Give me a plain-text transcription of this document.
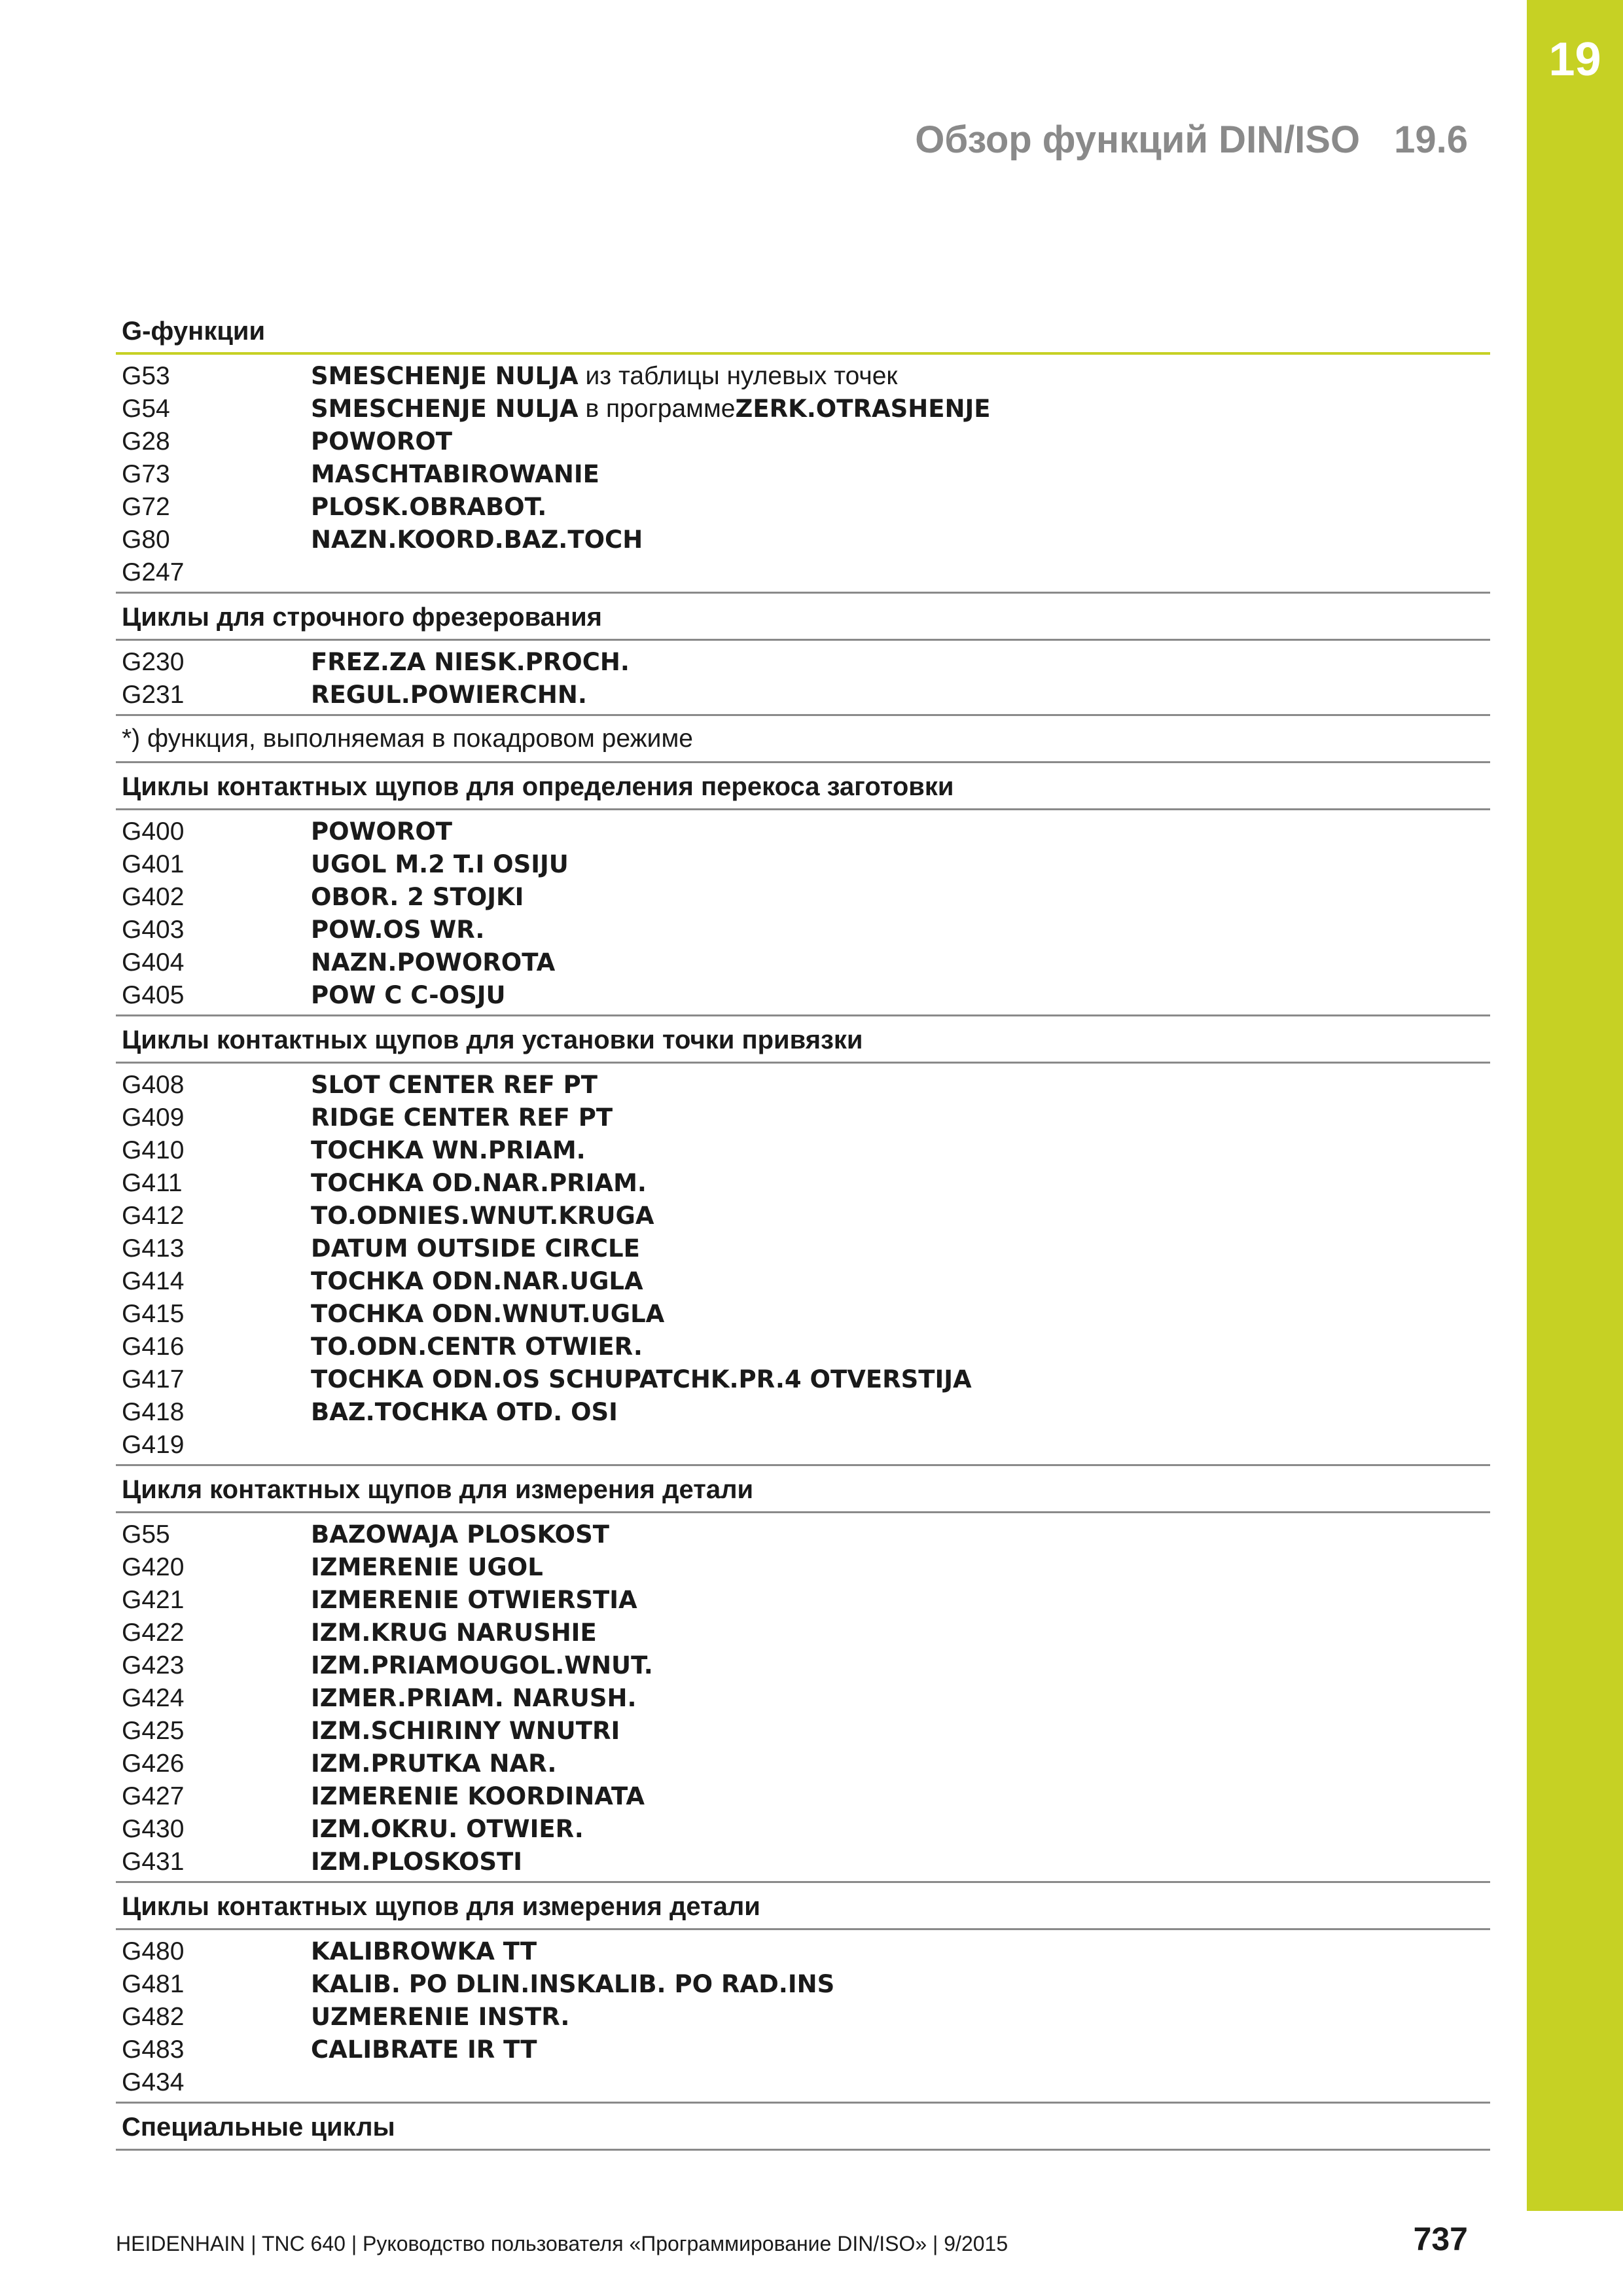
19
Обзор функций DIN/ISO 19.6
G-функции
G53	SMESCHENJE NULJA из таблицы нулевых точек
G54	SMESCHENJE NULJA в программеZERK.OTRASHENJE
G28	POWOROT
G73	MASCHTABIROWANIE
G72	PLOSK.OBRABOT.
G80	NAZN.KOORD.BAZ.TOCH
G247
Циклы для строчного фрезерования
G230	FREZ.ZA NIESK.PROCH.
G231	REGUL.POWIERCHN.
*) функция, выполняемая в покадровом режиме
Циклы контактных щупов для определения перекоса заготовки
G400	POWOROT
G401	UGOL M.2 T.I OSIJU
G402	OBOR. 2 STOJKI
G403	POW.OS WR.
G404	NAZN.POWOROTA
G405	POW C C-OSJU
Циклы контактных щупов для установки точки привязки
G408	SLOT CENTER REF PT
G409	RIDGE CENTER REF PT
G410	TOCHKA WN.PRIAM.
G411	TOCHKA OD.NAR.PRIAM.
G412	TO.ODNIES.WNUT.KRUGA
G413	DATUM OUTSIDE CIRCLE
G414	TOCHKA ODN.NAR.UGLA
G415	TOCHKA ODN.WNUT.UGLA
G416	TO.ODN.CENTR OTWIER.
G417	TOCHKA ODN.OS SCHUPATCHK.PR.4 OTVERSTIJA
G418	BAZ.TOCHKA OTD. OSI
G419
Цикля контактных щупов для измерения детали
G55	BAZOWAJA PLOSKOST
G420	IZMERENIE UGOL
G421	IZMERENIE OTWIERSTIA
G422	IZM.KRUG NARUSHIE
G423	IZM.PRIAMOUGOL.WNUT.
G424	IZMER.PRIAM. NARUSH.
G425	IZM.SCHIRINY WNUTRI
G426	IZM.PRUTKA NAR.
G427	IZMERENIE KOORDINATA
G430	IZM.OKRU. OTWIER.
G431	IZM.PLOSKOSTI
Циклы контактных щупов для измерения детали
G480	KALIBROWKA TT
G481	KALIB. PO DLIN.INSKALIB. PO RAD.INS
G482	UZMERENIE INSTR.
G483	CALIBRATE IR TT
G434
Специальные циклы
HEIDENHAIN | TNC 640 | Руководство пользователя «Программирование DIN/ISO» | 9/2015	737
